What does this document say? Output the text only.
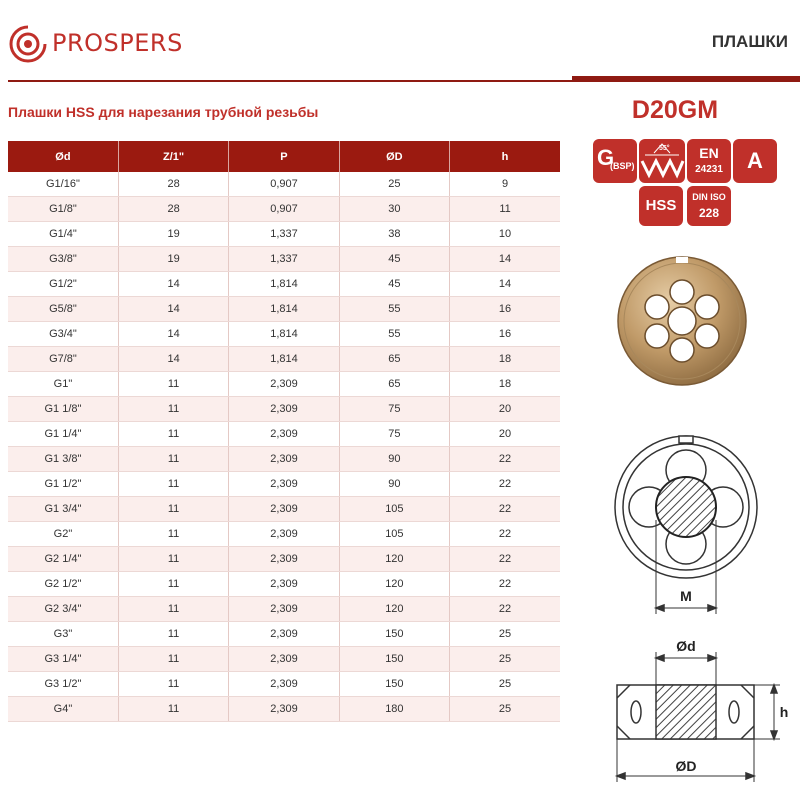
PROSPERS	ПЛАШКИ
Плашки HSS для нарезания трубной резьбы	D20GM
Ød	Z/1"	P	ØD	h
G1/16"	28	0,907	25	9
G1/8"	28	0,907	30	11
G1/4"	19	1,337	38	10
G3/8"	19	1,337	45	14
G1/2"	14	1,814	45	14
G5/8"	14	1,814	55	16
G3/4"	14	1,814	55	16
G7/8"	14	1,814	65	18
G1"	11	2,309	65	18
G1 1/8"	11	2,309	75	20
G1 1/4"	11	2,309	75	20
G1 3/8"	11	2,309	90	22
G1 1/2"	11	2,309	90	22
G1 3/4"	11	2,309	105	22
G2"	11	2,309	105	22
G2 1/4"	11	2,309	120	22
G2 1/2"	11	2,309	120	22
G2 3/4"	11	2,309	120	22
G3"	11	2,309	150	25
G3 1/4"	11	2,309	150	25
G3 1/2"	11	2,309	150	25
G4"	11	2,309	180	25
G
(BSP)
55°	EN
24231	A
HSS	DIN ISO
228
M
Ød
h
ØD
